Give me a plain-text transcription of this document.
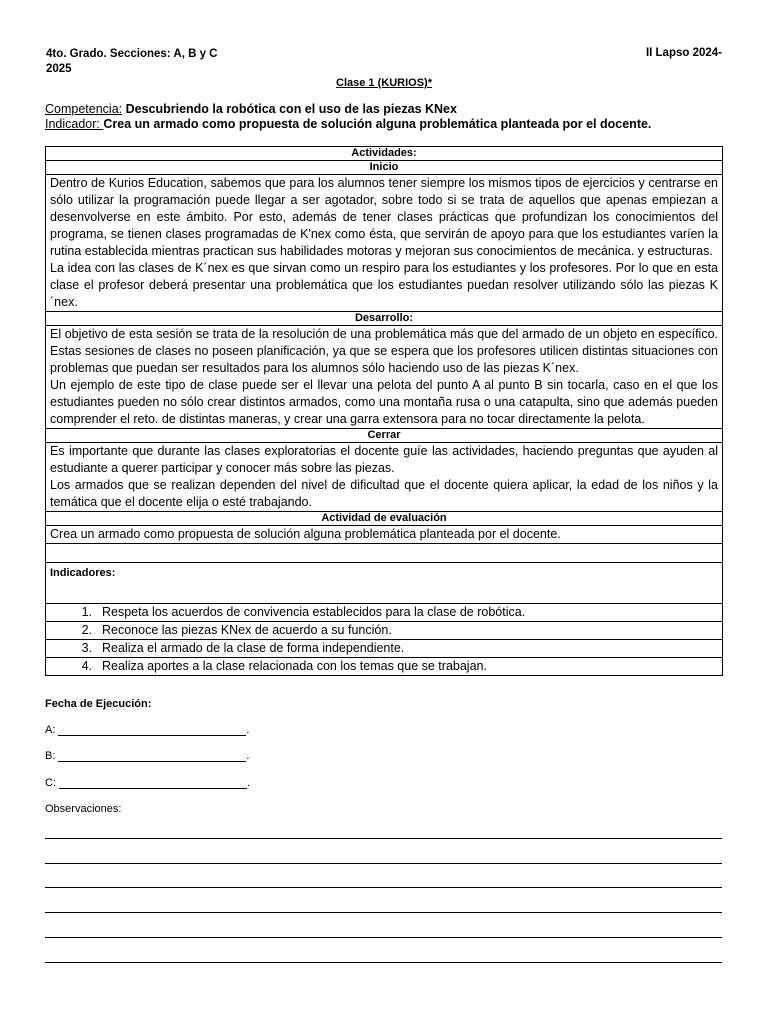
4to. Grado. Secciones: A, B y C
2025
II Lapso 2024-
Clase 1 (KURIOS)*
Competencia: Descubriendo la robótica con el uso de las piezas KNex
Indicador: Crea un armado como propuesta de solución alguna problemática planteada por el docente.
Actividades:
Inicio

Dentro de Kurios Education, sabemos que para los alumnos tener siempre los mismos tipos de ejercicios y centrarse en sólo utilizar la programación puede llegar a ser agotador, sobre todo si se trata de aquellos que apenas empiezan a desenvolverse en este ámbito. Por esto, además de tener clases prácticas que profundizan los conocimientos del programa, se tienen clases programadas de K'nex como ésta, que servirán de apoyo para que los estudiantes varíen la rutina establecida mientras practican sus habilidades motoras y mejoran sus conocimientos de mecánica. y estructuras.

La idea con las clases de K´nex es que sirvan como un respiro para los estudiantes y los profesores. Por lo que en esta clase el profesor deberá presentar una problemática que los estudiantes puedan resolver utilizando sólo las piezas K´nex.

Desarrollo:

El objetivo de esta sesión se trata de la resolución de una problemática más que del armado de un objeto en específico. Estas sesiones de clases no poseen planificación, ya que se espera que los profesores utilicen distintas situaciones con problemas que puedan ser resultados para los alumnos sólo haciendo uso de las piezas K´nex.

Un ejemplo de este tipo de clase puede ser el llevar una pelota del punto A al punto B sin tocarla, caso en el que los estudiantes pueden no sólo crear distintos armados, como una montaña rusa o una catapulta, sino que además pueden comprender el reto. de distintas maneras, y crear una garra extensora para no tocar directamente la pelota.

Cerrar

Es importante que durante las clases exploratorias el docente guíe las actividades, haciendo preguntas que ayuden al estudiante a querer participar y conocer más sobre las piezas.

Los armados que se realizan dependen del nivel de dificultad que el docente quiera aplicar, la edad de los niños y la temática que el docente elija o esté trabajando.

Actividad de evaluación
Crea un armado como propuesta de solución alguna problemática planteada por el docente.

Indicadores:
1. Respeta los acuerdos de convivencia establecidos para la clase de robótica.
2. Reconoce las piezas KNex de acuerdo a su función.
3. Realiza el armado de la clase de forma independiente.
4. Realiza aportes a la clase relacionada con los temas que se trabajan.
Fecha de Ejecución:
A:	.
B:	.
C:	.
Observaciones:
